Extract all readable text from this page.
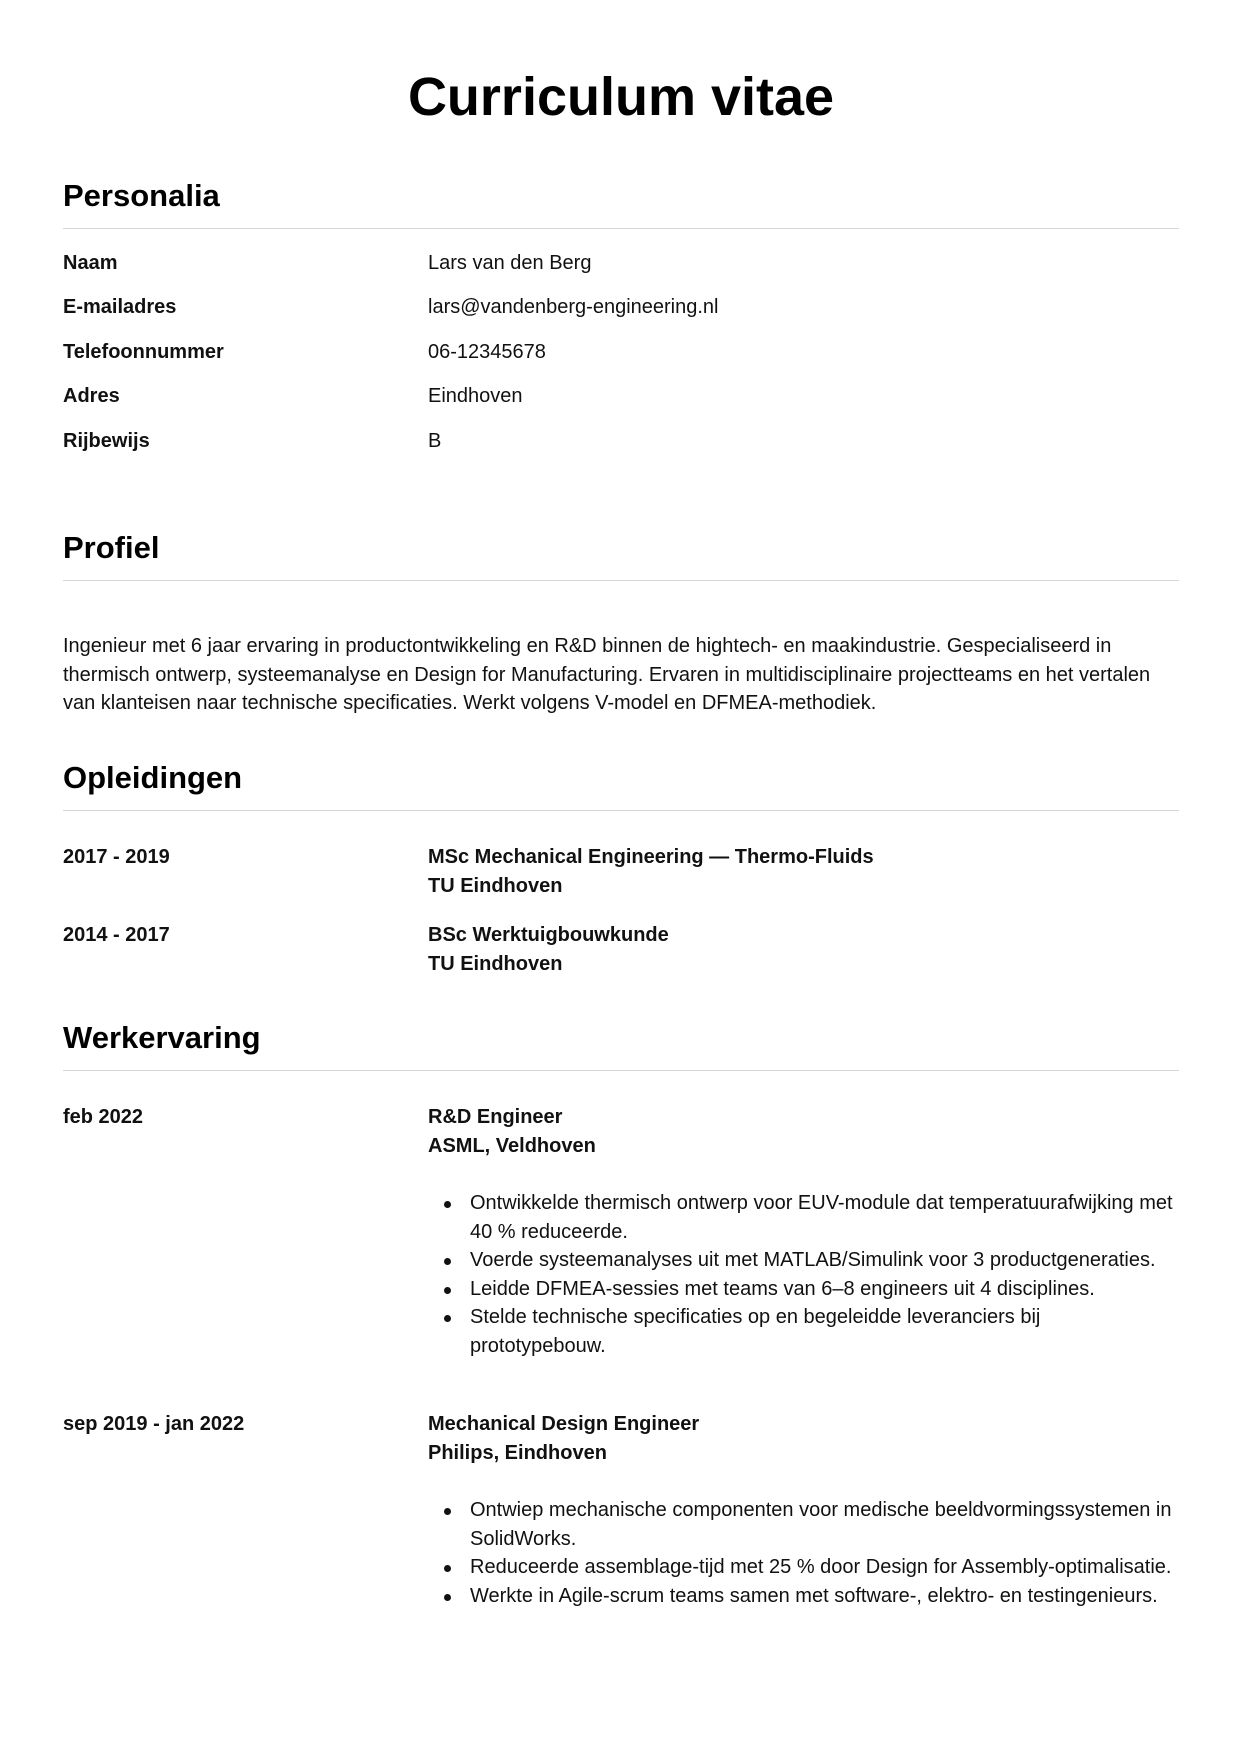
Curriculum vitae
Personalia
Naam	Lars van den Berg
E-mailadres	lars@vandenberg-engineering.nl
Telefoonnummer	06-12345678
Adres	Eindhoven
Rijbewijs	B
Profiel

Ingenieur met 6 jaar ervaring in productontwikkeling en R&D binnen de hightech- en maakindustrie. Gespecialiseerd in thermisch ontwerp, systeemanalyse en Design for Manufacturing. Ervaren in multidisciplinaire projectteams en het vertalen van klanteisen naar technische specificaties. Werkt volgens V-model en DFMEA-methodiek.

Opleidingen
2017 - 2019	MSc Mechanical Engineering — Thermo-Fluids
TU Eindhoven
2014 - 2017	BSc Werktuigbouwkunde
TU Eindhoven
Werkervaring
feb 2022	R&D Engineer
ASML, Veldhoven
Ontwikkelde thermisch ontwerp voor EUV-module dat temperatuurafwijking met 40 % reduceerde.
Voerde systeemanalyses uit met MATLAB/Simulink voor 3 productgeneraties.
Leidde DFMEA-sessies met teams van 6–8 engineers uit 4 disciplines.
Stelde technische specificaties op en begeleidde leveranciers bij prototypebouw.
sep 2019 - jan 2022	Mechanical Design Engineer
Philips, Eindhoven
Ontwiep mechanische componenten voor medische beeldvormingssystemen in SolidWorks.
Reduceerde assemblage-tijd met 25 % door Design for Assembly-optimalisatie.
Werkte in Agile-scrum teams samen met software-, elektro- en testingenieurs.
